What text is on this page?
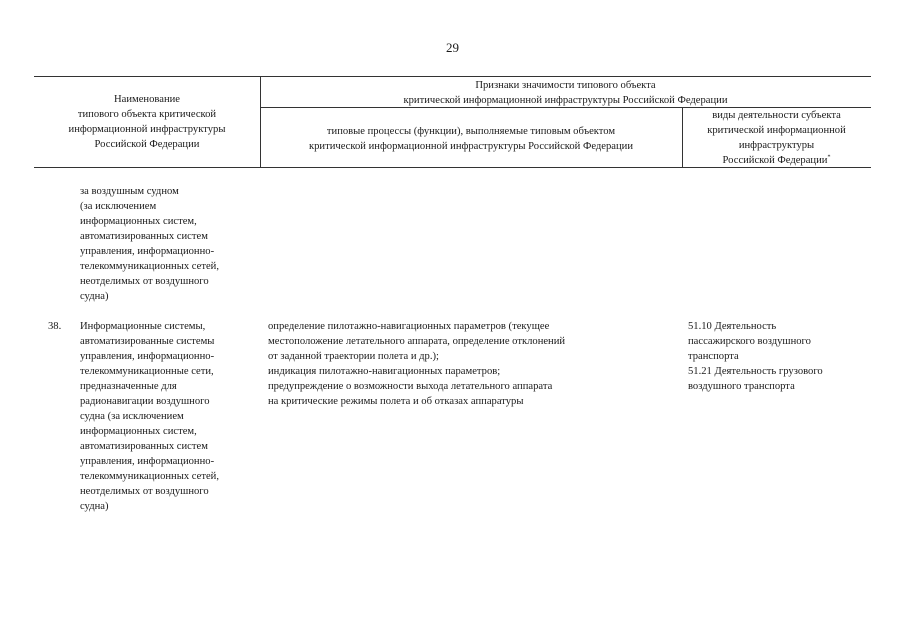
29
Наименование
типового объекта критической
информационной инфраструктуры
Российской Федерации
Признаки значимости типового объекта
критической информационной инфраструктуры Российской Федерации
типовые процессы (функции), выполняемые типовым объектом
критической информационной инфраструктуры Российской Федерации
виды деятельности субъекта
критической информационной
инфраструктуры
Российской Федерации*
за воздушным судном
(за исключением
информационных систем,
автоматизированных систем
управления, информационно-
телекоммуникационных сетей,
неотделимых от воздушного
судна)
38. Информационные системы,
автоматизированные системы
управления, информационно-
телекоммуникационные сети,
предназначенные для
радионавигации воздушного
судна (за исключением
информационных систем,
автоматизированных систем
управления, информационно-
телекоммуникационных сетей,
неотделимых от воздушного
судна)
определение пилотажно-навигационных параметров (текущее
местоположение летательного аппарата, определение отклонений
от заданной траектории полета и др.);
индикация пилотажно-навигационных параметров;
предупреждение о возможности выхода летательного аппарата
на критические режимы полета и об отказах аппаратуры
51.10 Деятельность
пассажирского воздушного
транспорта
51.21 Деятельность грузового
воздушного транспорта
